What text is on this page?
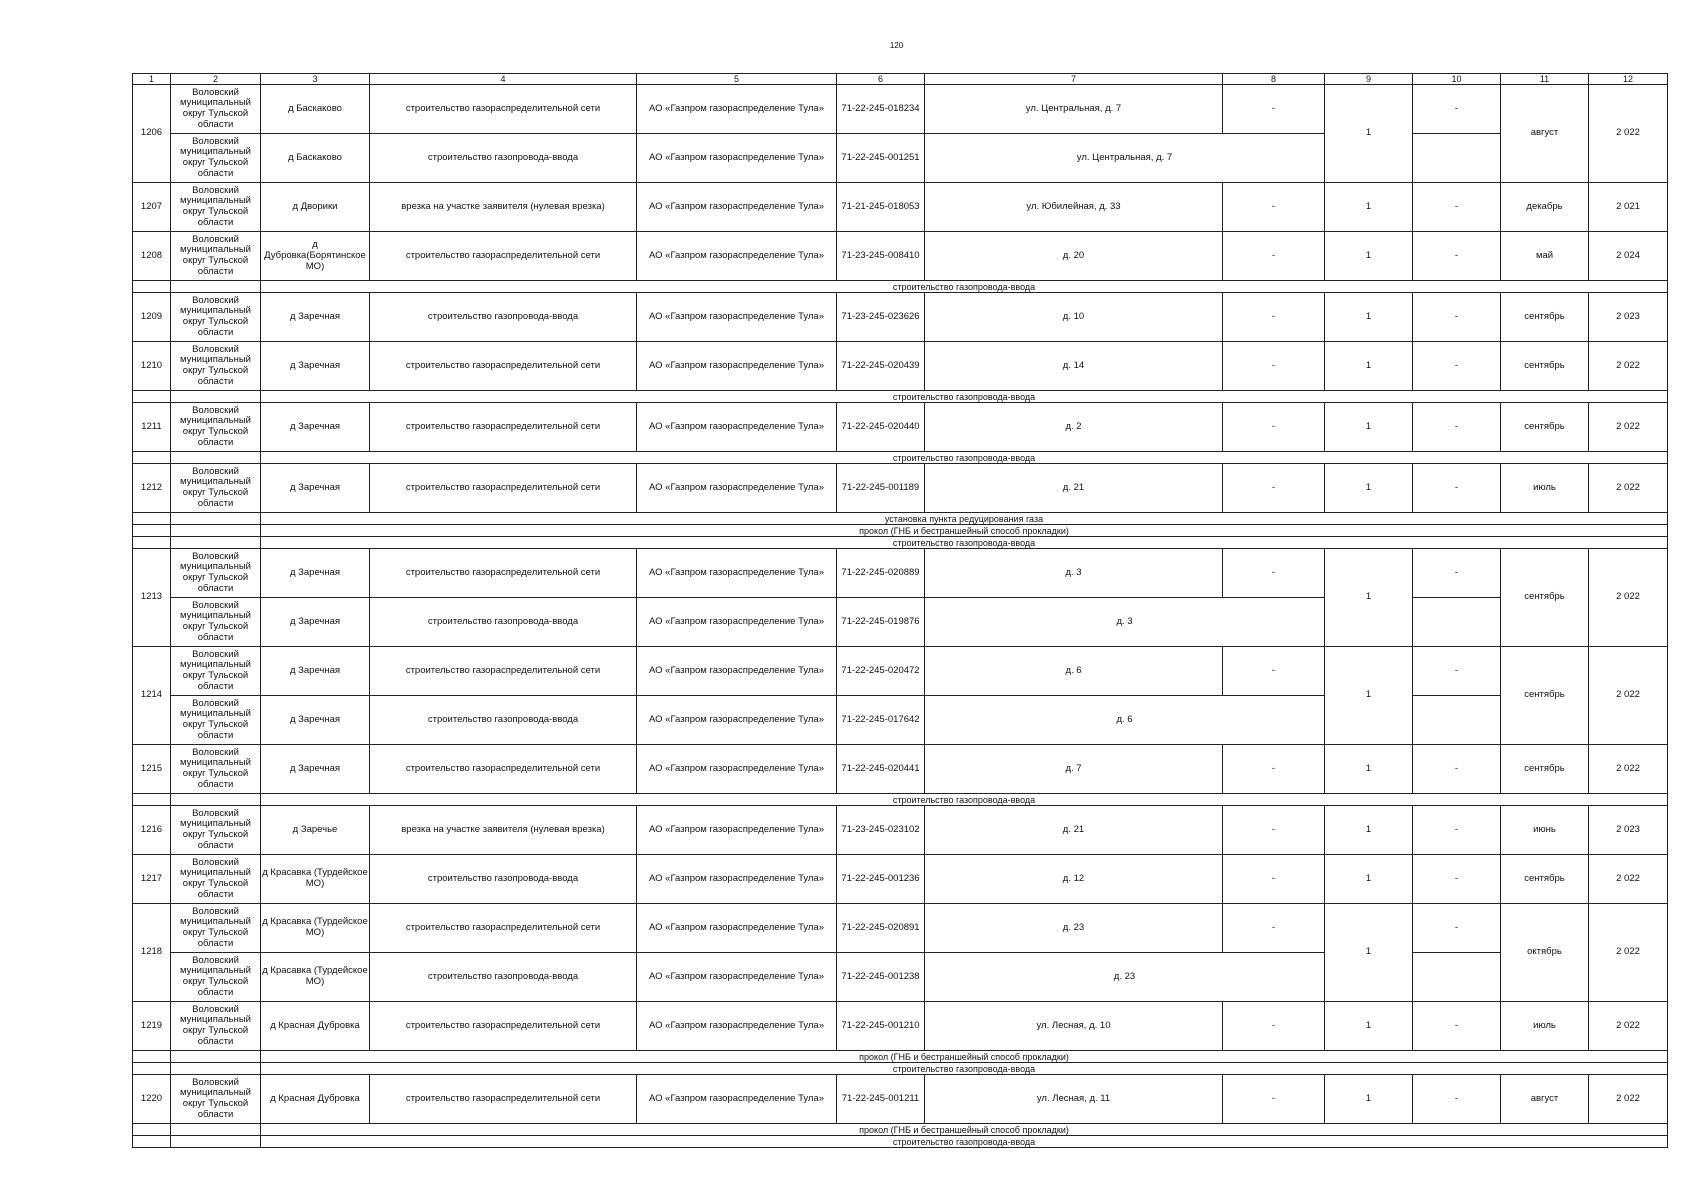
120
1	2	3	4	5	6	7	8	9	10	11	12
1206	Воловский муниципальный округ Тульской области	д Баскаково	строительство газораспределительной сети	АО «Газпром газораспределение Тула»	71-22-245-018234	ул. Центральная, д. 7	-	1	-	август	2 022
	Воловский муниципальный округ Тульской области	д Баскаково	строительство газопровода-ввода	АО «Газпром газораспределение Тула»	71-22-245-001251	ул. Центральная, д. 7					
1207	Воловский муниципальный округ Тульской области	д Дворики	врезка на участке заявителя (нулевая врезка)	АО «Газпром газораспределение Тула»	71-21-245-018053	ул. Юбилейная, д. 33	-	1	-	декабрь	2 021
1208	Воловский муниципальный округ Тульской области	д Дубровка(Борятинское МО)	строительство газораспределительной сети	АО «Газпром газораспределение Тула»	71-23-245-008410	д. 20	-	1	-	май	2 024
		строительство газопровода-ввода									
1209	Воловский муниципальный округ Тульской области	д Заречная	строительство газопровода-ввода	АО «Газпром газораспределение Тула»	71-23-245-023626	д. 10	-	1	-	сентябрь	2 023
1210	Воловский муниципальный округ Тульской области	д Заречная	строительство газораспределительной сети	АО «Газпром газораспределение Тула»	71-22-245-020439	д. 14	-	1	-	сентябрь	2 022
		строительство газопровода-ввода									
1211	Воловский муниципальный округ Тульской области	д Заречная	строительство газораспределительной сети	АО «Газпром газораспределение Тула»	71-22-245-020440	д. 2	-	1	-	сентябрь	2 022
		строительство газопровода-ввода									
1212	Воловский муниципальный округ Тульской области	д Заречная	строительство газораспределительной сети	АО «Газпром газораспределение Тула»	71-22-245-001189	д. 21	-	1	-	июль	2 022
		установка пункта редуцирования газа									
		прокол (ГНБ и бестраншейный способ прокладки)									
		строительство газопровода-ввода									
1213	Воловский муниципальный округ Тульской области	д Заречная	строительство газораспределительной сети	АО «Газпром газораспределение Тула»	71-22-245-020889	д. 3	-	1	-	сентябрь	2 022
	Воловский муниципальный округ Тульской области	д Заречная	строительство газопровода-ввода	АО «Газпром газораспределение Тула»	71-22-245-019876	д. 3					
1214	Воловский муниципальный округ Тульской области	д Заречная	строительство газораспределительной сети	АО «Газпром газораспределение Тула»	71-22-245-020472	д. 6	-	1	-	сентябрь	2 022
	Воловский муниципальный округ Тульской области	д Заречная	строительство газопровода-ввода	АО «Газпром газораспределение Тула»	71-22-245-017642	д. 6					
1215	Воловский муниципальный округ Тульской области	д Заречная	строительство газораспределительной сети	АО «Газпром газораспределение Тула»	71-22-245-020441	д. 7	-	1	-	сентябрь	2 022
		строительство газопровода-ввода									
1216	Воловский муниципальный округ Тульской области	д Заречье	врезка на участке заявителя (нулевая врезка)	АО «Газпром газораспределение Тула»	71-23-245-023102	д. 21	-	1	-	июнь	2 023
1217	Воловский муниципальный округ Тульской области	д Красавка (Турдейское МО)	строительство газопровода-ввода	АО «Газпром газораспределение Тула»	71-22-245-001236	д. 12	-	1	-	сентябрь	2 022
1218	Воловский муниципальный округ Тульской области	д Красавка (Турдейское МО)	строительство газораспределительной сети	АО «Газпром газораспределение Тула»	71-22-245-020891	д. 23	-	1	-	октябрь	2 022
	Воловский муниципальный округ Тульской области	д Красавка (Турдейское МО)	строительство газопровода-ввода	АО «Газпром газораспределение Тула»	71-22-245-001238	д. 23					
1219	Воловский муниципальный округ Тульской области	д Красная Дубровка	строительство газораспределительной сети	АО «Газпром газораспределение Тула»	71-22-245-001210	ул. Лесная, д. 10	-	1	-	июль	2 022
		прокол (ГНБ и бестраншейный способ прокладки)									
		строительство газопровода-ввода									
1220	Воловский муниципальный округ Тульской области	д Красная Дубровка	строительство газораспределительной сети	АО «Газпром газораспределение Тула»	71-22-245-001211	ул. Лесная, д. 11	-	1	-	август	2 022
		прокол (ГНБ и бестраншейный способ прокладки)									
		строительство газопровода-ввода									
